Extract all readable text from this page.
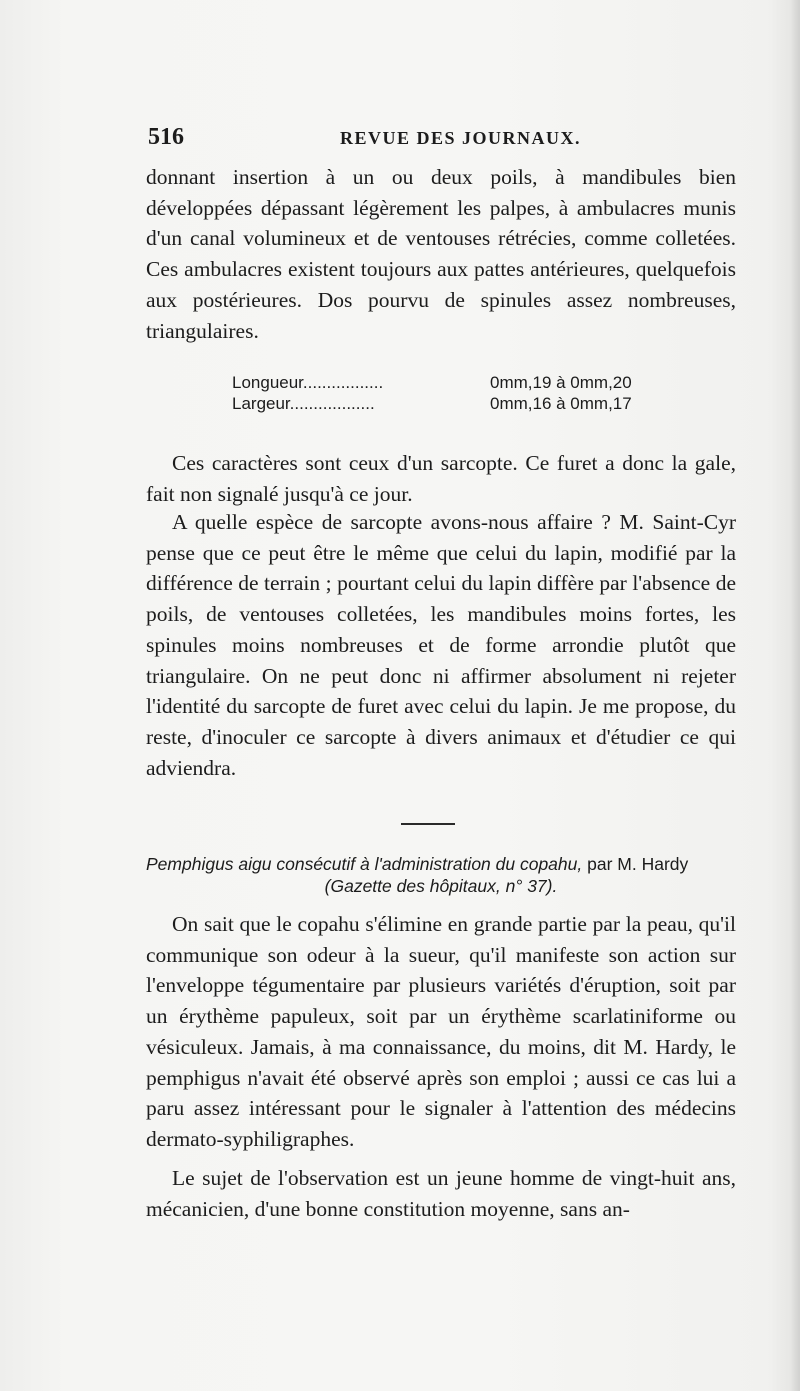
516	REVUE DES JOURNAUX.

donnant insertion à un ou deux poils, à mandibules bien développées dépassant légèrement les palpes, à ambulacres munis d'un canal volumineux et de ventouses rétrécies, comme colletées. Ces ambulacres existent toujours aux pattes antérieures, quelquefois aux postérieures. Dos pourvu de spinules assez nombreuses, triangulaires.

Longueur.................	0mm,19 à 0mm,20
Largeur..................	0mm,16 à 0mm,17

Ces caractères sont ceux d'un sarcopte. Ce furet a donc la gale, fait non signalé jusqu'à ce jour.

A quelle espèce de sarcopte avons-nous affaire ? M. Saint-Cyr pense que ce peut être le même que celui du lapin, modifié par la différence de terrain ; pourtant celui du lapin diffère par l'absence de poils, de ventouses colletées, les mandibules moins fortes, les spinules moins nombreuses et de forme arrondie plutôt que triangulaire. On ne peut donc ni affirmer absolument ni rejeter l'identité du sarcopte de furet avec celui du lapin. Je me propose, du reste, d'inoculer ce sarcopte à divers animaux et d'étudier ce qui adviendra.

Pemphigus aigu consécutif à l'administration du copahu, par M. Hardy
(Gazette des hôpitaux, n° 37).

On sait que le copahu s'élimine en grande partie par la peau, qu'il communique son odeur à la sueur, qu'il manifeste son action sur l'enveloppe tégumentaire par plusieurs variétés d'éruption, soit par un érythème papuleux, soit par un érythème scarlatiniforme ou vésiculeux. Jamais, à ma connaissance, du moins, dit M. Hardy, le pemphigus n'avait été observé après son emploi ; aussi ce cas lui a paru assez intéressant pour le signaler à l'attention des médecins dermato-syphiligraphes.

Le sujet de l'observation est un jeune homme de vingt-huit ans, mécanicien, d'une bonne constitution moyenne, sans an-
